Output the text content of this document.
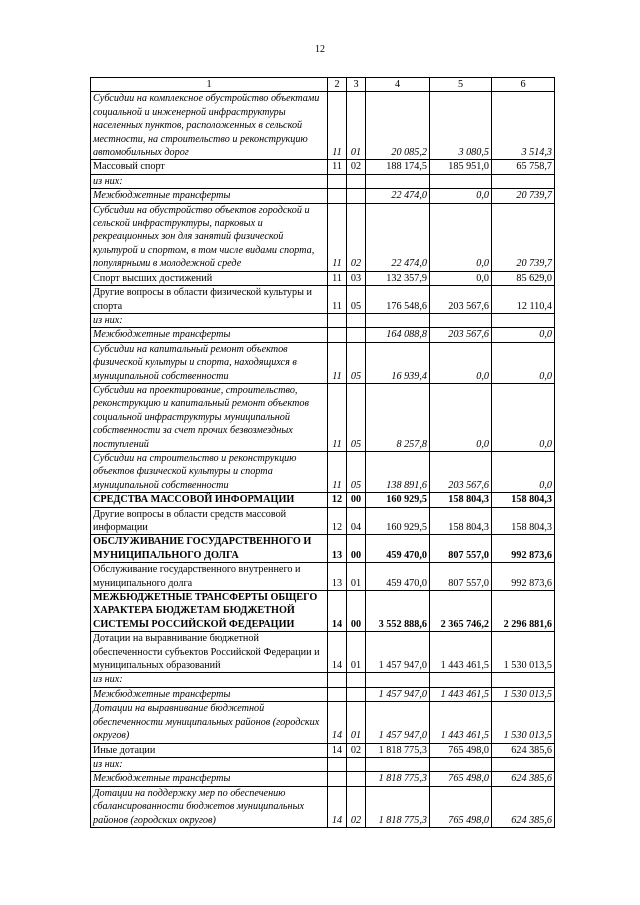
12
1	2	3	4	5	6
Субсидии на комплексное обустройство объектами социальной и инженерной инфраструктуры населенных пунктов, расположенных в сельской местности, на строительство и реконструкцию автомобильных дорог	11	01	20 085,2	3 080,5	3 514,3
Массовый спорт	11	02	188 174,5	185 951,0	65 758,7
из них:					
Межбюджетные трансферты			22 474,0	0,0	20 739,7
Субсидии на обустройство объектов городской и сельской инфраструктуры, парковых и рекреационных зон для занятий физической культурой и спортом, в том числе видами спорта, популярными в молодежной среде	11	02	22 474,0	0,0	20 739,7
Спорт высших достижений	11	03	132 357,9	0,0	85 629,0
Другие вопросы в области физической культуры и спорта	11	05	176 548,6	203 567,6	12 110,4
из них:					
Межбюджетные трансферты			164 088,8	203 567,6	0,0
Субсидии на капитальный ремонт объектов физической культуры и спорта, находящихся в муниципальной собственности	11	05	16 939,4	0,0	0,0
Субсидии на проектирование, строительство, реконструкцию и капитальный ремонт объектов социальной инфраструктуры муниципальной собственности за счет прочих безвозмездных поступлений	11	05	8 257,8	0,0	0,0
Субсидии на строительство и реконструкцию объектов физической культуры и спорта муниципальной собственности	11	05	138 891,6	203 567,6	0,0
СРЕДСТВА МАССОВОЙ ИНФОРМАЦИИ	12	00	160 929,5	158 804,3	158 804,3
Другие вопросы в области средств массовой информации	12	04	160 929,5	158 804,3	158 804,3
ОБСЛУЖИВАНИЕ ГОСУДАРСТВЕННОГО И МУНИЦИПАЛЬНОГО ДОЛГА	13	00	459 470,0	807 557,0	992 873,6
Обслуживание государственного внутреннего и муниципального долга	13	01	459 470,0	807 557,0	992 873,6
МЕЖБЮДЖЕТНЫЕ ТРАНСФЕРТЫ ОБЩЕГО ХАРАКТЕРА БЮДЖЕТАМ БЮДЖЕТНОЙ СИСТЕМЫ РОССИЙСКОЙ ФЕДЕРАЦИИ	14	00	3 552 888,6	2 365 746,2	2 296 881,6
Дотации на выравнивание бюджетной обеспеченности субъектов Российской Федерации и муниципальных образований	14	01	1 457 947,0	1 443 461,5	1 530 013,5
из них:					
Межбюджетные трансферты			1 457 947,0	1 443 461,5	1 530 013,5
Дотации на выравнивание бюджетной обеспеченности муниципальных районов (городских округов)	14	01	1 457 947,0	1 443 461,5	1 530 013,5
Иные дотации	14	02	1 818 775,3	765 498,0	624 385,6
из них:					
Межбюджетные трансферты			1 818 775,3	765 498,0	624 385,6
Дотации на поддержку мер по обеспечению сбалансированности бюджетов муниципальных районов (городских округов)	14	02	1 818 775,3	765 498,0	624 385,6
